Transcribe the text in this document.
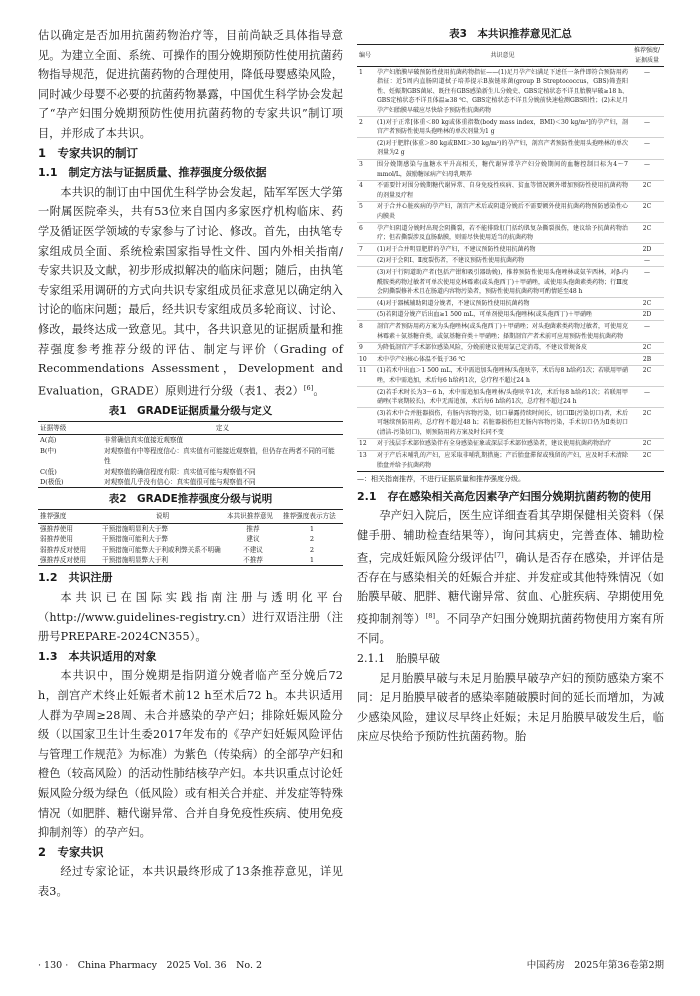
估以确定是否加用抗菌药物治疗等，目前尚缺乏具体指导意见。为建立全面、系统、可操作的围分娩期预防性使用抗菌药物指导规范，促进抗菌药物的合理使用，降低母婴感染风险，同时减少母婴不必要的抗菌药物暴露，中国优生科学协会发起了“孕产妇围分娩期预防性使用抗菌药物的专家共识”制订项目，并形成了本共识。

1　专家共识的制订

1.1　制定方法与证据质量、推荐强度分级依据

本共识的制订由中国优生科学协会发起，陆军军医大学第一附属医院牵头，共有53位来自国内多家医疗机构临床、药学及循证医学领域的专家参与了讨论、修改。首先，由执笔专家组成员全面、系统检索国家指导性文件、国内外相关指南/专家共识及文献，初步形成拟解决的临床问题；随后，由执笔专家组采用调研的方式向共识专家组成员征求意见以确定纳入讨论的临床问题；最后，经共识专家组成员多轮商议、讨论、修改，最终达成一致意见。其中，各共识意见的证据质量和推荐强度参考推荐分级的评估、制定与评价（Grading of Recommendations Assessment，Development and Evaluation，GRADE）原则进行分级（表1、表2）[6]。

表1　GRADE证据质量分级与定义
证据等级	定义
A(高)	非常确信真实值接近观察值
B(中)	对观察值有中等程度信心：真实值有可能接近观察值，但仍存在两者不同的可能性
C(低)	对观察值的确信程度有限：真实值可能与观察值不同
D(极低)	对观察值几乎没有信心：真实值很可能与观察值不同
表2　GRADE推荐强度分级与说明
推荐强度	说明	本共识推荐意见	推荐强度表示方法
强推荐使用	干预措施明显利大于弊	推荐	1
弱推荐使用	干预措施可能利大于弊	建议	2
弱推荐反对使用	干预措施可能弊大于利或利弊关系不明确	不建议	2
强推荐反对使用	干预措施明显弊大于利	不推荐	1

1.2　共识注册

本共识已在国际实践指南注册与透明化平台（http://www.guidelines-registry.cn）进行双语注册（注册号PREPARE-2024CN355）。

1.3　本共识适用的对象

本共识中，围分娩期是指阴道分娩者临产至分娩后72 h，剖宫产术终止妊娠者术前12 h至术后72 h。本共识适用人群为孕周≥28周、未合并感染的孕产妇；排除妊娠风险分级（以国家卫生计生委2017年发布的《孕产妇妊娠风险评估与管理工作规范》为标准）为紫色（传染病）的全部孕产妇和橙色（较高风险）的活动性肺结核孕产妇。本共识重点讨论妊娠风险分级为绿色（低风险）或有相关合并症、并发症等特殊情况（如肥胖、糖代谢异常、合并自身免疫性疾病、使用免疫抑制剂等）的孕产妇。

2　专家共识

经过专家论证，本共识最终形成了13条推荐意见，详见表3。

表3　本共识推荐意见汇总
编号	共识意见	推荐强度/证据质量
1	孕产妇胎膜早破预防性使用抗菌药物指征——(1)足月孕产妇满足下述任一条件即符合预防用药指征：近5周内直肠阴道拭子培养提示B族链球菌(group B Streptococcus，GBS)筛查阳性、妊娠期GBS菌尿、既往有GBS感染新生儿分娩史、GBS定植状态不详且胎膜早破≥18 h、GBS定植状态不详且体温≥38 ℃、GBS定植状态不详且分娩前快速检测GBS阳性；(2)未足月孕产妇胎膜早破应尽快给予预防性抗菌药物	—
2	(1)对于正常[体重＜80 kg或体重指数(body mass index，BMI)＜30 kg/m²]的孕产妇，剖宫产者预防性使用头孢唑林的单次剂量为1 g	—
	(2)对于肥胖(体重＞80 kg或BMI＞30 kg/m²)的孕产妇，剖宫产者预防性使用头孢唑林的单次剂量为2 g	—
3	围分娩期感染与血糖水平升高相关，糖代谢异常孕产妇分娩期间的血糖控制目标为4～7 mmol/L，鼓励糖尿病产妇母乳喂养	—
4	不需要针对围分娩期糖代谢异常、自身免疫性疾病、贫血等情况额外增加预防性使用抗菌药物的剂量及疗程	2C
5	对于合并心脏疾病的孕产妇，剖宫产术后或阴道分娩后不需要额外使用抗菌药物预防感染性心内膜炎	2C
6	孕产妇阴道分娩时出现会阴撕裂，若不能排除肛门括约肌复杂撕裂损伤，建议给予抗菌药物治疗；但若撕裂涉及直肠黏膜，则需尽快使用适当的抗菌药物	2C
7	(1)对于合并明显肥胖的孕产妇，不建议预防性使用抗菌药物	2D
	(2)对于会阴Ⅰ、Ⅱ度裂伤者，不建议预防性使用抗菌药物	—
	(3)对于行阴道助产者(包括产钳和吸引器助娩)，推荐预防性使用头孢唑林或氨苄西林，对β-内酰胺类药物过敏者可单次使用克林霉素(或头孢西丁)＋甲硝唑，或使用头孢菌素类药物；行Ⅲ度会阴撕裂修补术且在肠道内容物污染者，预防性使用抗菌药物可酌情延至48 h	—
	(4)对于器械辅助阴道分娩者，不建议预防性使用抗菌药物	2C
	(5)若阴道分娩产后出血≥1 500 mL，可单剂使用头孢唑林(或头孢西丁)＋甲硝唑	2D
8	剖宫产者预防用药方案为头孢唑林(或头孢西丁)＋甲硝唑；对头孢菌素类药物过敏者，可使用克林霉素＋氨基糖苷类，或氨基糖苷类＋甲硝唑；择期剖宫产者术前可应用预防性使用抗菌药物	—
9	为降低剖宫产手术部位感染风险，分娩前建议使用氯己定消毒，不建议常规备皮	2C
10	术中孕产妇核心体温不低于36 ℃	2B
11	(1)若术中出血＞1 500 mL，术中需追加头孢唑林/头孢呋辛，术后每8 h给药1次；若联用甲硝唑，术中需追加，术后每6 h给药1次，总疗程不超过24 h	2C
	(2)若手术时长为3～6 h，术中需追加头孢唑林/头孢呋辛1次，术后每8 h给药1次；若联用甲硝唑(半衰期较长)，术中无需追加，术后每6 h给药1次，总疗程不超过24 h	—
	(3)若术中合并脏器损伤，有肠内容物污染，切口暴露持续时间长，切口Ⅲ(污染切口)者，术后可继续预防用药，总疗程不超过48 h；若脏器损伤但无肠内容物污染，手术切口仍为Ⅱ类切口(清洁-污染切口)，则预防用药方案及时长同不变	2C
12	对于浅层手术部位感染伴有全身感染征象或深层手术部位感染者，建议使用抗菌药物治疗	2C
13	对于产后未哺乳的产妇，应采取非哺乳期措施；产后胎盘滞留或残留的产妇，应及时手术清除胎盘并给予抗菌药物	2C
—：相关指南推荐，不进行证据质量和推荐强度分级。

2.1　存在感染相关高危因素孕产妇围分娩期抗菌药物的使用

孕产妇入院后，医生应详细查看其孕期保健相关资料（保健手册、辅助检查结果等），询问其病史，完善查体、辅助检查，完成妊娠风险分级评估[7]，确认是否存在感染，并评估是否存在与感染相关的妊娠合并症、并发症或其他特殊情况（如胎膜早破、肥胖、糖代谢异常、贫血、心脏疾病、孕期使用免疫抑制剂等）[8]。不同孕产妇围分娩期抗菌药物使用方案有所不同。

2.1.1　胎膜早破

足月胎膜早破与未足月胎膜早破孕产妇的预防感染方案不同：足月胎膜早破者的感染率随破膜时间的延长而增加，为减少感染风险，建议尽早终止妊娠；未足月胎膜早破发生后，临床应尽快给予预防性抗菌药物。胎

· 130 ·　China Pharmacy　2025 Vol. 36　No. 2	中国药房　2025年第36卷第2期
